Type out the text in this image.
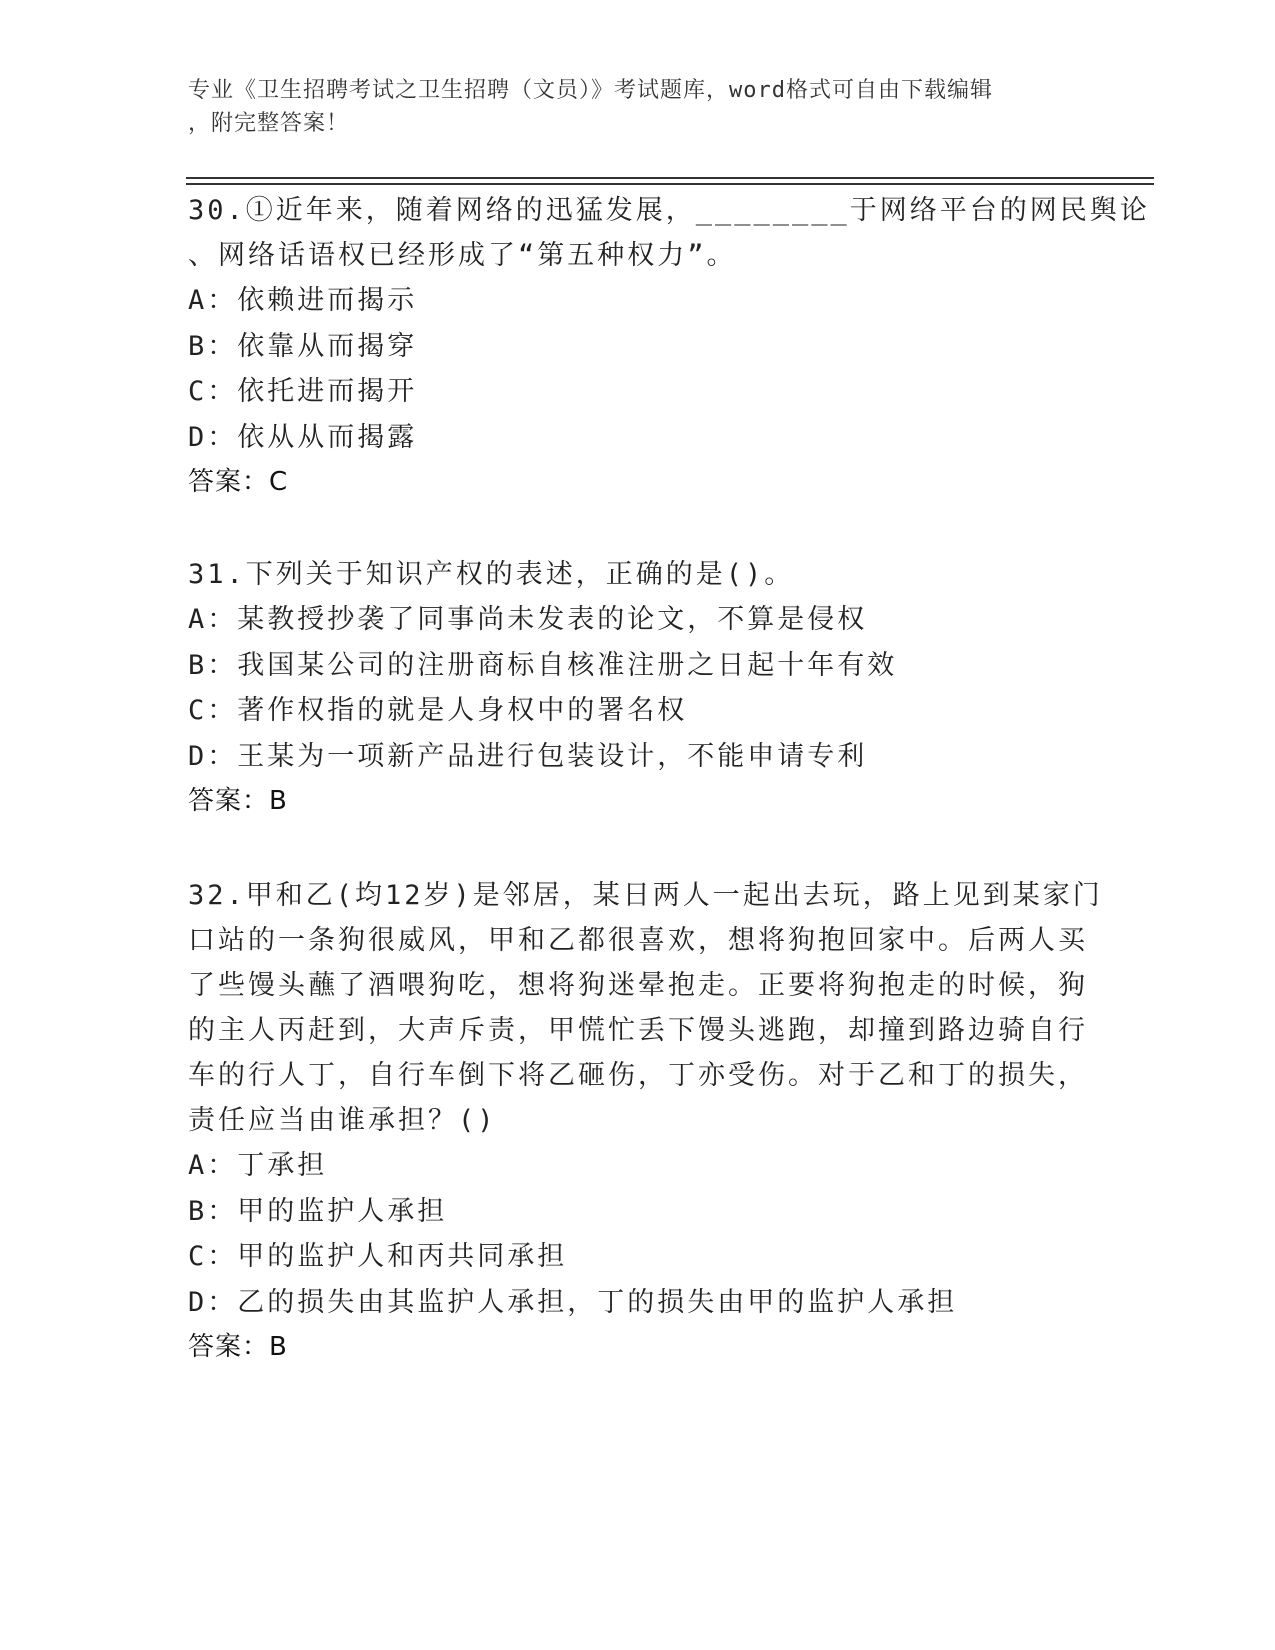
专业《卫生招聘考试之卫生招聘（文员）》考试题库，word格式可自由下载编辑
，附完整答案！
30.①近年来，随着网络的迅猛发展，________于网络平台的网民舆论
、网络话语权已经形成了“第五种权力”。
A：依赖进而揭示
B：依靠从而揭穿
C：依托进而揭开
D：依从从而揭露
答案：C
31.下列关于知识产权的表述，正确的是()。
A：某教授抄袭了同事尚未发表的论文，不算是侵权
B：我国某公司的注册商标自核准注册之日起十年有效
C：著作权指的就是人身权中的署名权
D：王某为一项新产品进行包装设计，不能申请专利
答案：B
32.甲和乙(均12岁)是邻居，某日两人一起出去玩，路上见到某家门
口站的一条狗很威风，甲和乙都很喜欢，想将狗抱回家中。后两人买
了些馒头蘸了酒喂狗吃，想将狗迷晕抱走。正要将狗抱走的时候，狗
的主人丙赶到，大声斥责，甲慌忙丢下馒头逃跑，却撞到路边骑自行
车的行人丁，自行车倒下将乙砸伤，丁亦受伤。对于乙和丁的损失，
责任应当由谁承担？()
A：丁承担
B：甲的监护人承担
C：甲的监护人和丙共同承担
D：乙的损失由其监护人承担，丁的损失由甲的监护人承担
答案：B
